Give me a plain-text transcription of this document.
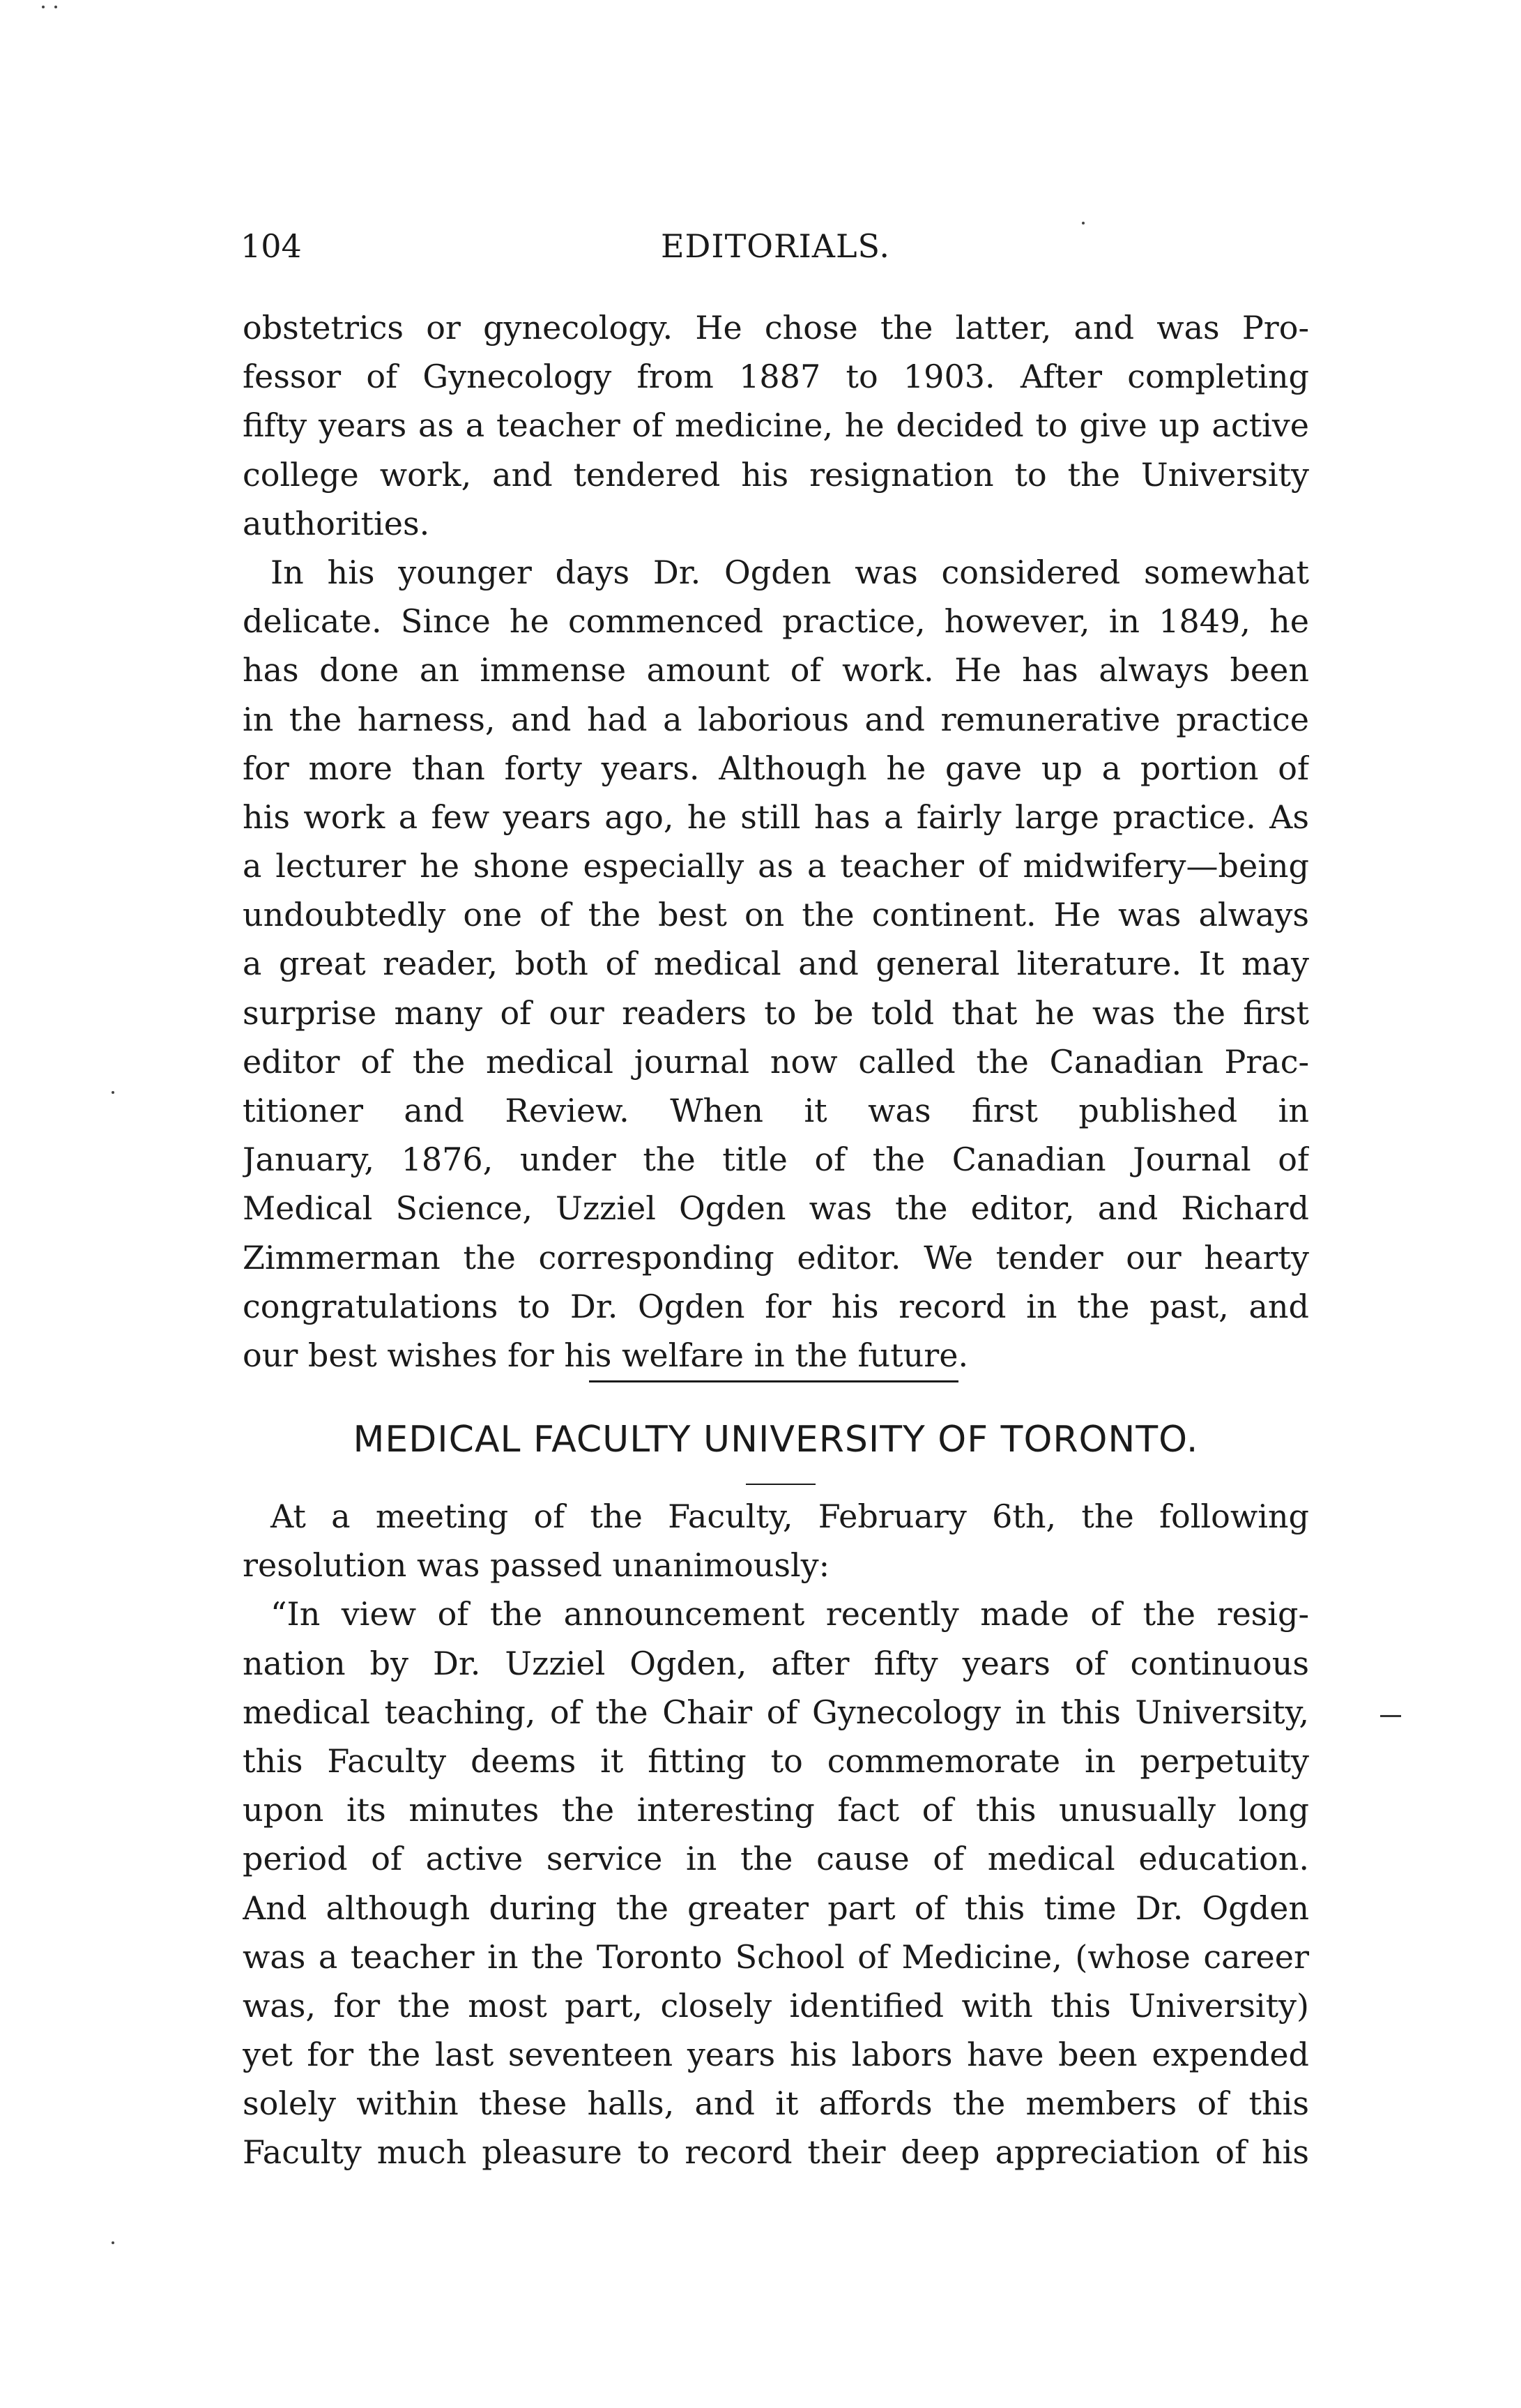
104	EDITORIALS.
obstetrics or gynecology. He chose the latter, and was Pro-
fessor of Gynecology from 1887 to 1903. After completing
fifty years as a teacher of medicine, he decided to give up active
college work, and tendered his resignation to the University
authorities.
In his younger days Dr. Ogden was considered somewhat
delicate. Since he commenced practice, however, in 1849, he
has done an immense amount of work. He has always been
in the harness, and had a laborious and remunerative practice
for more than forty years. Although he gave up a portion of
his work a few years ago, he still has a fairly large practice. As
a lecturer he shone especially as a teacher of midwifery—being
undoubtedly one of the best on the continent. He was always
a great reader, both of medical and general literature. It may
surprise many of our readers to be told that he was the first
editor of the medical journal now called the Canadian Prac-
titioner and Review. When it was first published in
January, 1876, under the title of the Canadian Journal of
Medical Science, Uzziel Ogden was the editor, and Richard
Zimmerman the corresponding editor. We tender our hearty
congratulations to Dr. Ogden for his record in the past, and
our best wishes for his welfare in the future.
MEDICAL FACULTY UNIVERSITY OF TORONTO.
At a meeting of the Faculty, February 6th, the following
resolution was passed unanimously:
“In view of the announcement recently made of the resig-
nation by Dr. Uzziel Ogden, after fifty years of continuous
medical teaching, of the Chair of Gynecology in this University,
this Faculty deems it fitting to commemorate in perpetuity
upon its minutes the interesting fact of this unusually long
period of active service in the cause of medical education.
And although during the greater part of this time Dr. Ogden
was a teacher in the Toronto School of Medicine, (whose career
was, for the most part, closely identified with this University)
yet for the last seventeen years his labors have been expended
solely within these halls, and it affords the members of this
Faculty much pleasure to record their deep appreciation of his
